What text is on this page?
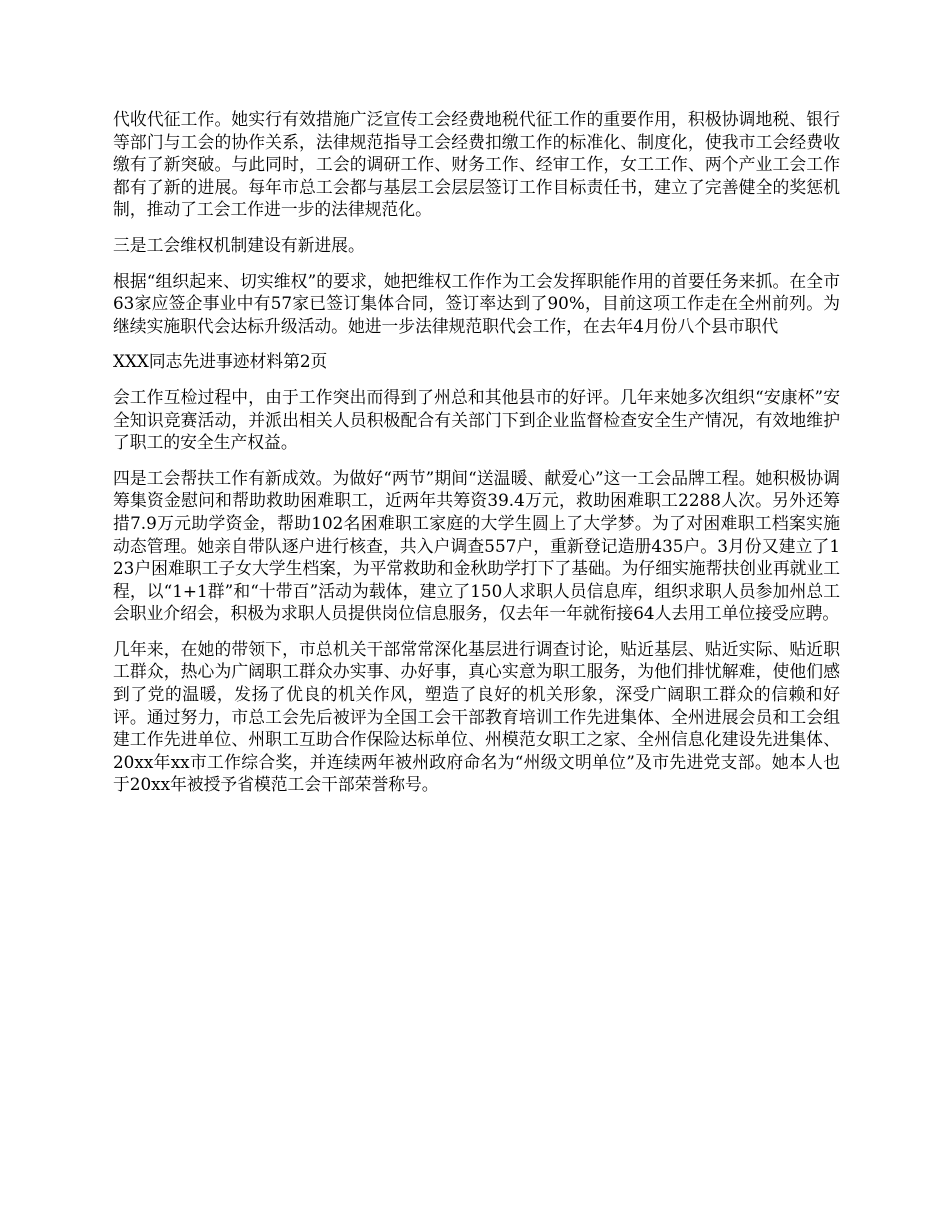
代收代征工作。她实行有效措施广泛宣传工会经费地税代征工作的重要作用，积极协调地税、银行等部门与工会的协作关系，法律规范指导工会经费扣缴工作的标准化、制度化，使我市工会经费收缴有了新突破。与此同时，工会的调研工作、财务工作、经审工作，女工工作、两个产业工会工作都有了新的进展。每年市总工会都与基层工会层层签订工作目标责任书，建立了完善健全的奖惩机制，推动了工会工作进一步的法律规范化。

三是工会维权机制建设有新进展。

根据“组织起来、切实维权”的要求，她把维权工作作为工会发挥职能作用的首要任务来抓。在全市63家应签企事业中有57家已签订集体合同，签订率达到了90%，目前这项工作走在全州前列。为继续实施职代会达标升级活动。她进一步法律规范职代会工作，在去年4月份八个县市职代

XXX同志先进事迹材料第2页

会工作互检过程中，由于工作突出而得到了州总和其他县市的好评。几年来她多次组织“安康杯”安全知识竞赛活动，并派出相关人员积极配合有关部门下到企业监督检查安全生产情况，有效地维护了职工的安全生产权益。

四是工会帮扶工作有新成效。为做好“两节”期间“送温暖、献爱心”这一工会品牌工程。她积极协调筹集资金慰问和帮助救助困难职工，近两年共筹资39.4万元，救助困难职工2288人次。另外还筹措7.9万元助学资金，帮助102名困难职工家庭的大学生圆上了大学梦。为了对困难职工档案实施动态管理。她亲自带队逐户进行核查，共入户调查557户，重新登记造册435户。3月份又建立了123户困难职工子女大学生档案，为平常救助和金秋助学打下了基础。为仔细实施帮扶创业再就业工程，以“1+1群”和“十带百”活动为载体，建立了150人求职人员信息库，组织求职人员参加州总工会职业介绍会，积极为求职人员提供岗位信息服务，仅去年一年就衔接64人去用工单位接受应聘。

几年来，在她的带领下，市总机关干部常常深化基层进行调查讨论，贴近基层、贴近实际、贴近职工群众，热心为广阔职工群众办实事、办好事，真心实意为职工服务，为他们排忧解难，使他们感到了党的温暖，发扬了优良的机关作风，塑造了良好的机关形象，深受广阔职工群众的信赖和好评。通过努力，市总工会先后被评为全国工会干部教育培训工作先进集体、全州进展会员和工会组建工作先进单位、州职工互助合作保险达标单位、州模范女职工之家、全州信息化建设先进集体、20xx年xx市工作综合奖，并连续两年被州政府命名为“州级文明单位”及市先进党支部。她本人也于20xx年被授予省模范工会干部荣誉称号。
